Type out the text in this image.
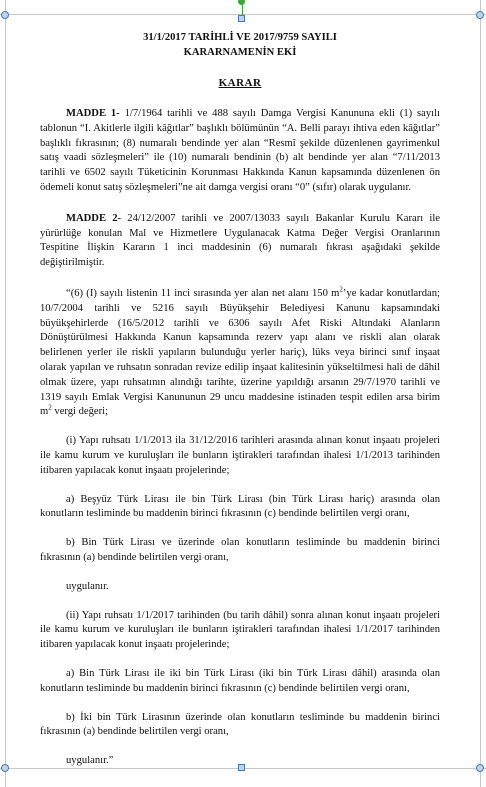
31/1/2017 TARİHLİ VE 2017/9759 SAYILI
KARARNAMENİN EKİ
KARAR

MADDE 1- 1/7/1964 tarihli ve 488 sayılı Damga Vergisi Kanununa ekli (1) sayılı tablonun “I. Akitlerle ilgili kâğıtlar” başlıklı bölümünün “A. Belli parayı ihtiva eden kâğıtlar” başlıklı fıkrasının; (8) numaralı bendinde yer alan “Resmî şekilde düzenlenen gayrimenkul satış vaadi sözleşmeleri” ile (10) numaralı bendinin (b) alt bendinde yer alan “7/11/2013 tarihli ve 6502 sayılı Tüketicinin Korunması Hakkında Kanun kapsamında düzenlenen ön ödemeli konut satış sözleşmeleri”ne ait damga vergisi oranı “0” (sıfır) olarak uygulanır.

MADDE 2- 24/12/2007 tarihli ve 2007/13033 sayılı Bakanlar Kurulu Kararı ile yürürlüğe konulan Mal ve Hizmetlere Uygulanacak Katma Değer Vergisi Oranlarının Tespitine İlişkin Kararın 1 inci maddesinin (6) numaralı fıkrası aşağıdaki şekilde değiştirilmiştir.

“(6) (I) sayılı listenin 11 inci sırasında yer alan net alanı 150 $m^2’ye$ kadar konutlardan; 10/7/2004 tarihli ve 5216 sayılı Büyükşehir Belediyesi Kanunu kapsamındaki büyükşehirlerde (16/5/2012 tarihli ve 6306 sayılı Afet Riski Altındaki Alanların Dönüştürülmesi Hakkında Kanun kapsamında rezerv yapı alanı ve riskli alan olarak belirlenen yerler ile riskli yapıların bulunduğu yerler hariç), lüks veya birinci sınıf inşaat olarak yapılan ve ruhsatın sonradan revize edilip inşaat kalitesinin yükseltilmesi hali de dâhil olmak üzere, yapı ruhsatının alındığı tarihte, üzerine yapıldığı arsanın 29/7/1970 tarihli ve 1319 sayılı Emlak Vergisi Kanununun 29 uncu maddesine istinaden tespit edilen arsa birim $m^2$ vergi değeri;

(i) Yapı ruhsatı 1/1/2013 ila 31/12/2016 tarihleri arasında alınan konut inşaatı projeleri ile kamu kurum ve kuruluşları ile bunların iştirakleri tarafından ihalesi 1/1/2013 tarihinden itibaren yapılacak konut inşaatı projelerinde;

a) Beşyüz Türk Lirası ile bin Türk Lirası (bin Türk Lirası hariç) arasında olan konutların tesliminde bu maddenin birinci fıkrasının (c) bendinde belirtilen vergi oranı,

b) Bin Türk Lirası ve üzerinde olan konutların tesliminde bu maddenin birinci fıkrasının (a) bendinde belirtilen vergi oranı,

uygulanır.

(ii) Yapı ruhsatı 1/1/2017 tarihinden (bu tarih dâhil) sonra alınan konut inşaatı projeleri ile kamu kurum ve kuruluşları ile bunların iştirakleri tarafından ihalesi 1/1/2017 tarihinden itibaren yapılacak konut inşaatı projelerinde;

a) Bin Türk Lirası ile iki bin Türk Lirası (iki bin Türk Lirası dâhil) arasında olan konutların tesliminde bu maddenin birinci fıkrasının (c) bendinde belirtilen vergi oranı,

b) İki bin Türk Lirasının üzerinde olan konutların tesliminde bu maddenin birinci fıkrasının (a) bendinde belirtilen vergi oranı,

uygulanır.”
